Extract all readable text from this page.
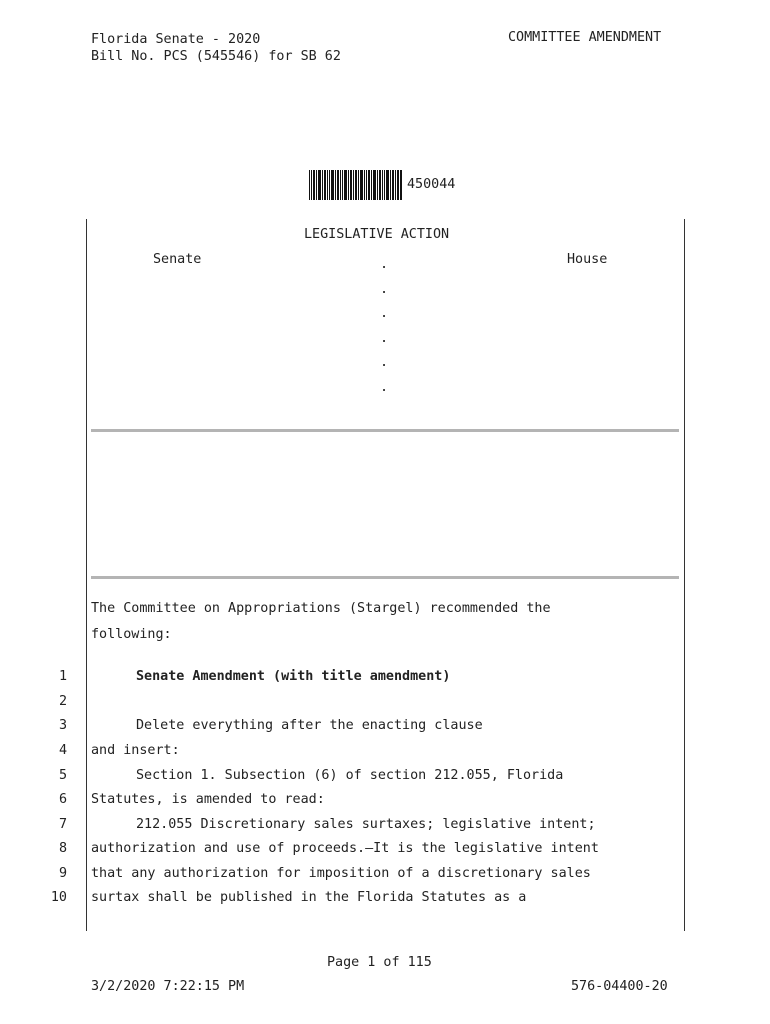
Florida Senate - 2020
Bill No. PCS (545546) for SB 62
COMMITTEE AMENDMENT
450044
LEGISLATIVE ACTION
Senate	House
.
.
.
.
.
.
The Committee on Appropriations (Stargel) recommended the
following:
1	Senate Amendment (with title amendment)
2
3	Delete everything after the enacting clause
4 and insert:
5	Section 1. Subsection (6) of section 212.055, Florida
6 Statutes, is amended to read:
7	212.055 Discretionary sales surtaxes; legislative intent;
8 authorization and use of proceeds.—It is the legislative intent
9 that any authorization for imposition of a discretionary sales
10 surtax shall be published in the Florida Statutes as a
Page 1 of 115
3/2/2020 7:22:15 PM	576-04400-20
